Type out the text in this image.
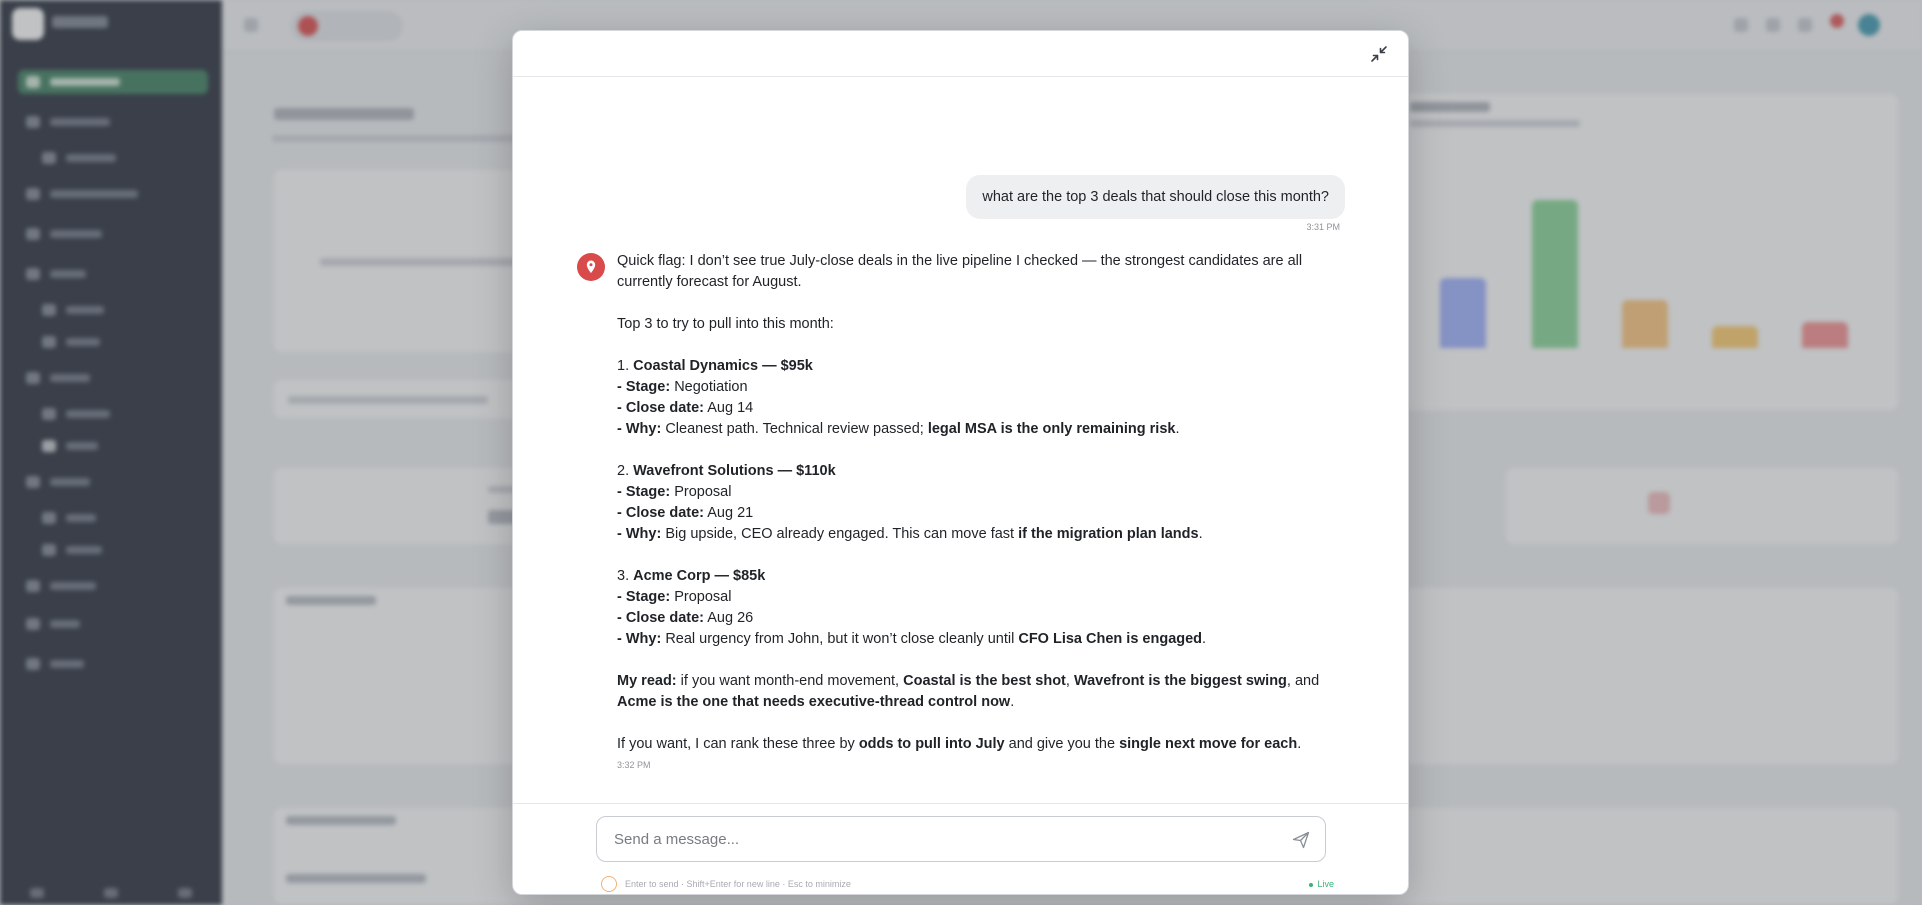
what are the top 3 deals that should close this month?
3:31 PM

Quick flag: I don’t see true July-close deals in the live pipeline I checked — the strongest candidates are all currently forecast for August.

Top 3 to try to pull into this month:

1. Coastal Dynamics — $95k

- Stage: Negotiation

- Close date: Aug 14

- Why: Cleanest path. Technical review passed; legal MSA is the only remaining risk.

2. Wavefront Solutions — $110k

- Stage: Proposal

- Close date: Aug 21

- Why: Big upside, CEO already engaged. This can move fast if the migration plan lands.

3. Acme Corp — $85k

- Stage: Proposal

- Close date: Aug 26

- Why: Real urgency from John, but it won’t close cleanly until CFO Lisa Chen is engaged.

My read: if you want month-end movement, Coastal is the best shot, Wavefront is the biggest swing, and Acme is the one that needs executive-thread control now.

If you want, I can rank these three by odds to pull into July and give you the single next move for each.

3:32 PM
Send a message...
Enter to send · Shift+Enter for new line · Esc to minimize	Live
